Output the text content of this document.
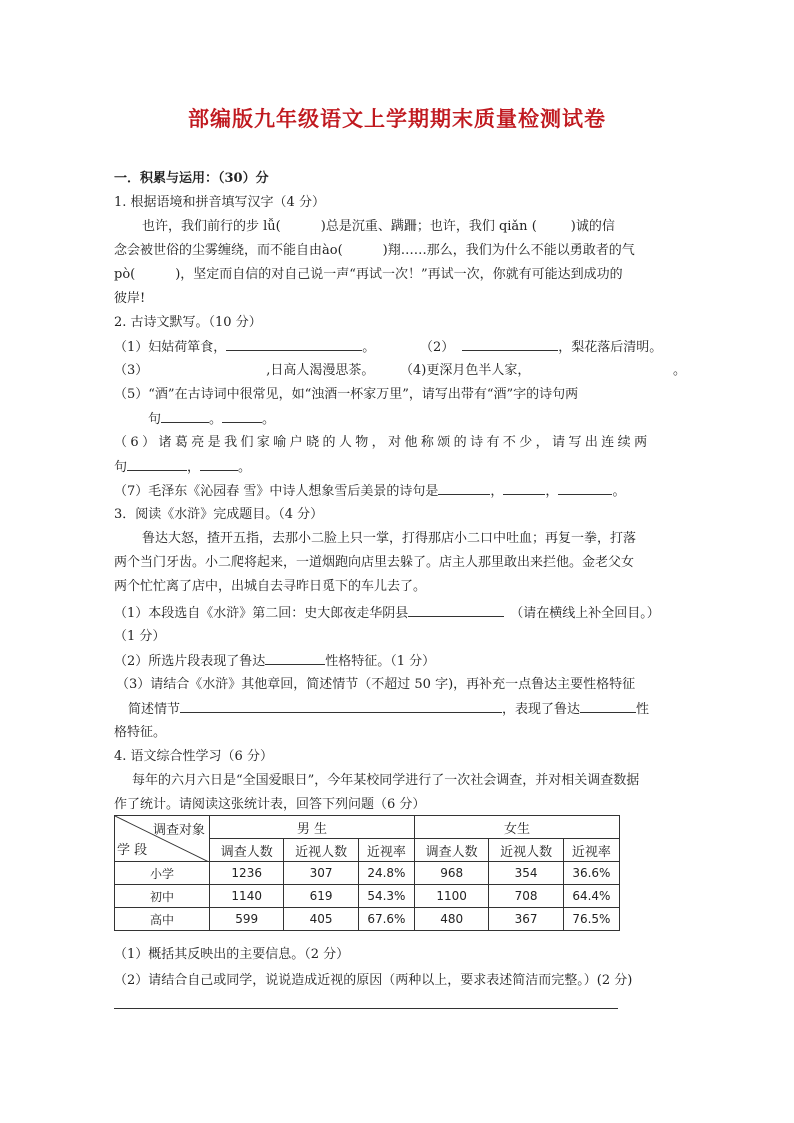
部编版九年级语文上学期期末质量检测试卷
一．积累与运用：（30）分
1. 根据语境和拼音填写汉字（4 分）
也许，我们前行的步 lǚ(	)总是沉重、蹒跚；也许，我们 qiǎn (	)诚的信
念会被世俗的尘雾缠绕，而不能自由ào(	)翔……那么，我们为什么不能以勇敢者的气
pò(	)，坚定而自信的对自己说一声“再试一次！”再试一次，你就有可能达到成功的
彼岸!
2. 古诗文默写。（10 分）
（1）妇姑荷箪食，	。	（2）	，梨花落后清明。
（3）	,日高人渴漫思茶。 （4)更深月色半人家，	。
（5）“酒”在古诗词中很常见，如“浊酒一杯家万里”，请写出带有“酒”字的诗句两
句	。	。
（6）诸葛亮是我们家喻户晓的人物，对他称颂的诗有不少，请写出连续两
句	，	。
（7）毛泽东《沁园春 雪》中诗人想象雪后美景的诗句是	，	，	。
3．阅读《水浒》完成题目。（4 分）
鲁达大怒，揸开五指，去那小二脸上只一掌，打得那店小二口中吐血；再复一拳，打落
两个当门牙齿。小二爬将起来，一道烟跑向店里去躲了。店主人那里敢出来拦他。金老父女
两个忙忙离了店中，出城自去寻昨日觅下的车儿去了。
（1）本段选自《水浒》第二回：史大郎夜走华阴县	（请在横线上补全回目。）
（1 分）
（2）所选片段表现了鲁达	性格特征。（1 分）
（3）请结合《水浒》其他章回，简述情节（不超过 50 字)，再补充一点鲁达主要性格特征
简述情节	，表现了鲁达	性
格特征。
4. 语文综合性学习（6 分）
每年的六月六日是“全国爱眼日”，今年某校同学进行了一次社会调查，并对相关调查数据
作了统计。请阅读这张统计表，回答下列问题（6 分）
调查对象
学 段	男 生			女生		
	调查人数	近视人数	近视率	调查人数	近视人数	近视率
小学	1236	307	24.8%	968	354	36.6%
初中	1140	619	54.3%	1100	708	64.4%
高中	599	405	67.6%	480	367	76.5%
（1）概括其反映出的主要信息。（2 分）
（2）请结合自己或同学，说说造成近视的原因（两种以上，要求表述简洁而完整。）(2 分)
